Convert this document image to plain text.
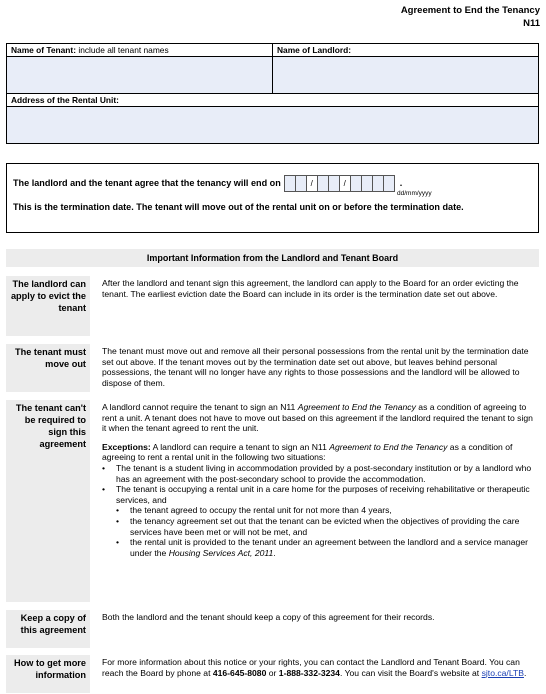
Agreement to End the Tenancy
N11
Name of Tenant: include all tenant names	Name of Landlord:
Address of the Rental Unit:
The landlord and the tenant agree that the tenancy will end on	/	/	.
dd/mm/yyyy
This is the termination date. The tenant will move out of the rental unit on or before the termination date.
Important Information from the Landlord and Tenant Board
The landlord can apply to evict the tenant
After the landlord and tenant sign this agreement, the landlord can apply to the Board for an order evicting the tenant. The earliest eviction date the Board can include in its order is the termination date set out above.
The tenant must move out
The tenant must move out and remove all their personal possessions from the rental unit by the termination date set out above. If the tenant moves out by the termination date set out above, but leaves behind personal possessions, the tenant will no longer have any rights to those possessions and the landlord will be allowed to dispose of them.
The tenant can't be required to sign this agreement

A landlord cannot require the tenant to sign an N11 Agreement to End the Tenancy as a condition of agreeing to rent a unit. A tenant does not have to move out based on this agreement if the landlord required the tenant to sign it when the tenant agreed to rent the unit.

Exceptions: A landlord can require a tenant to sign an N11 Agreement to End the Tenancy as a condition of agreeing to rent a rental unit in the following two situations:

•	The tenant is a student living in accommodation provided by a post-secondary institution or by a landlord who has an agreement with the post-secondary school to provide the accommodation.
•	The tenant is occupying a rental unit in a care home for the purposes of receiving rehabilitative or therapeutic services, and
•	the tenant agreed to occupy the rental unit for not more than 4 years,
•	the tenancy agreement set out that the tenant can be evicted when the objectives of providing the care services have been met or will not be met, and
•	the rental unit is provided to the tenant under an agreement between the landlord and a service manager under the Housing Services Act, 2011.
Keep a copy of this agreement
Both the landlord and the tenant should keep a copy of this agreement for their records.
How to get more information
For more information about this notice or your rights, you can contact the Landlord and Tenant Board. You can reach the Board by phone at 416-645-8080 or 1-888-332-3234. You can visit the Board's website at sjto.ca/LTB.
